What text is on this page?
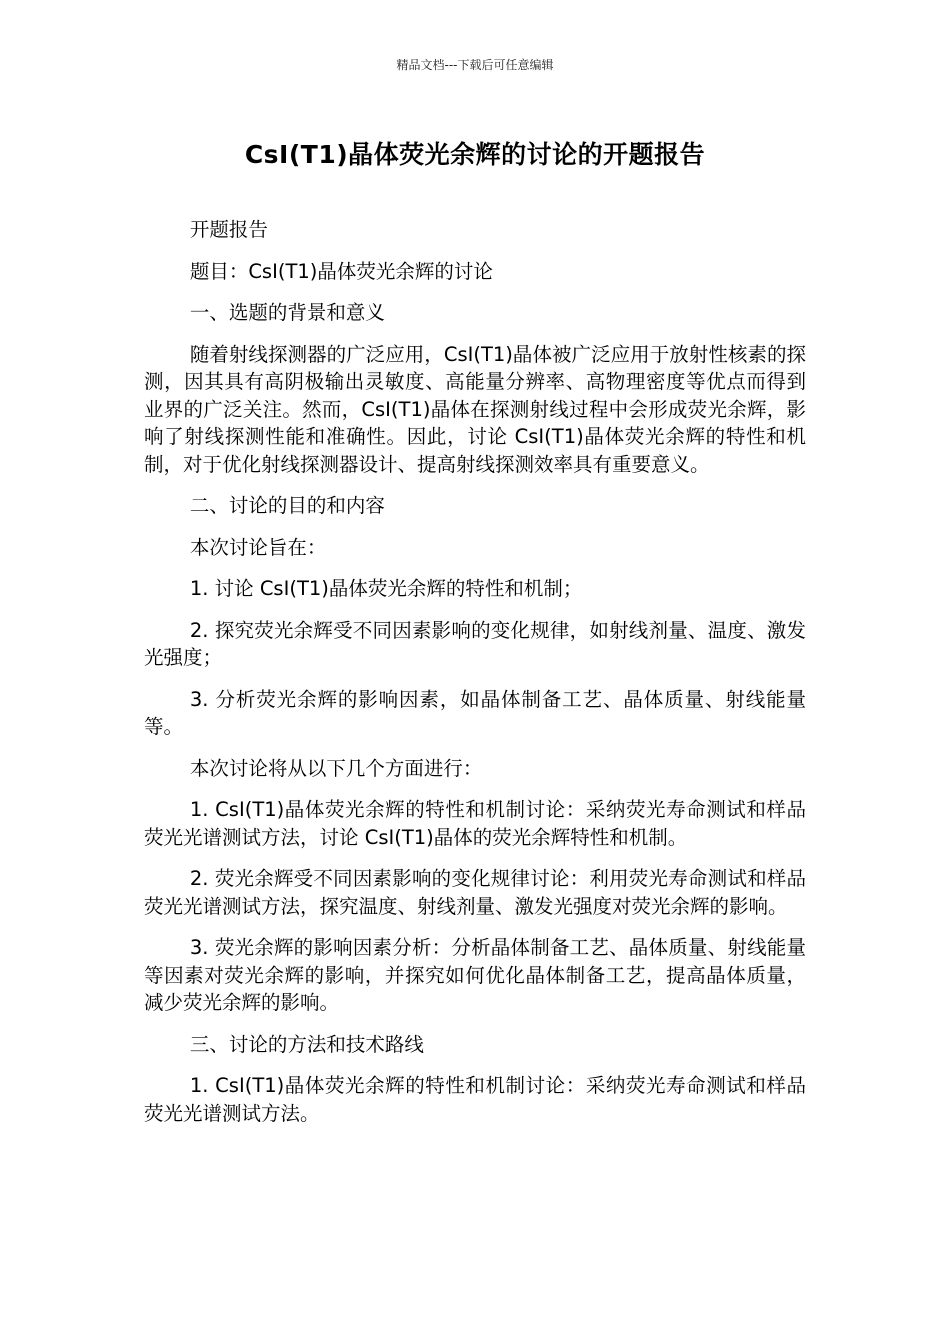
精品文档---下载后可任意编辑
CsI(T1)晶体荧光余辉的讨论的开题报告

开题报告

题目：CsI(T1)晶体荧光余辉的讨论

一、选题的背景和意义

随着射线探测器的广泛应用，CsI(T1)晶体被广泛应用于放射性核素的探测，因其具有高阴极输出灵敏度、高能量分辨率、高物理密度等优点而得到业界的广泛关注。然而，CsI(T1)晶体在探测射线过程中会形成荧光余辉，影响了射线探测性能和准确性。因此，讨论 CsI(T1)晶体荧光余辉的特性和机制，对于优化射线探测器设计、提高射线探测效率具有重要意义。

二、讨论的目的和内容

本次讨论旨在：

1. 讨论 CsI(T1)晶体荧光余辉的特性和机制；

2. 探究荧光余辉受不同因素影响的变化规律，如射线剂量、温度、激发光强度；

3. 分析荧光余辉的影响因素，如晶体制备工艺、晶体质量、射线能量等。

本次讨论将从以下几个方面进行：

1. CsI(T1)晶体荧光余辉的特性和机制讨论：采纳荧光寿命测试和样品荧光光谱测试方法，讨论 CsI(T1)晶体的荧光余辉特性和机制。

2. 荧光余辉受不同因素影响的变化规律讨论：利用荧光寿命测试和样品荧光光谱测试方法，探究温度、射线剂量、激发光强度对荧光余辉的影响。

3. 荧光余辉的影响因素分析：分析晶体制备工艺、晶体质量、射线能量等因素对荧光余辉的影响，并探究如何优化晶体制备工艺，提高晶体质量，减少荧光余辉的影响。

三、讨论的方法和技术路线

1. CsI(T1)晶体荧光余辉的特性和机制讨论：采纳荧光寿命测试和样品荧光光谱测试方法。
